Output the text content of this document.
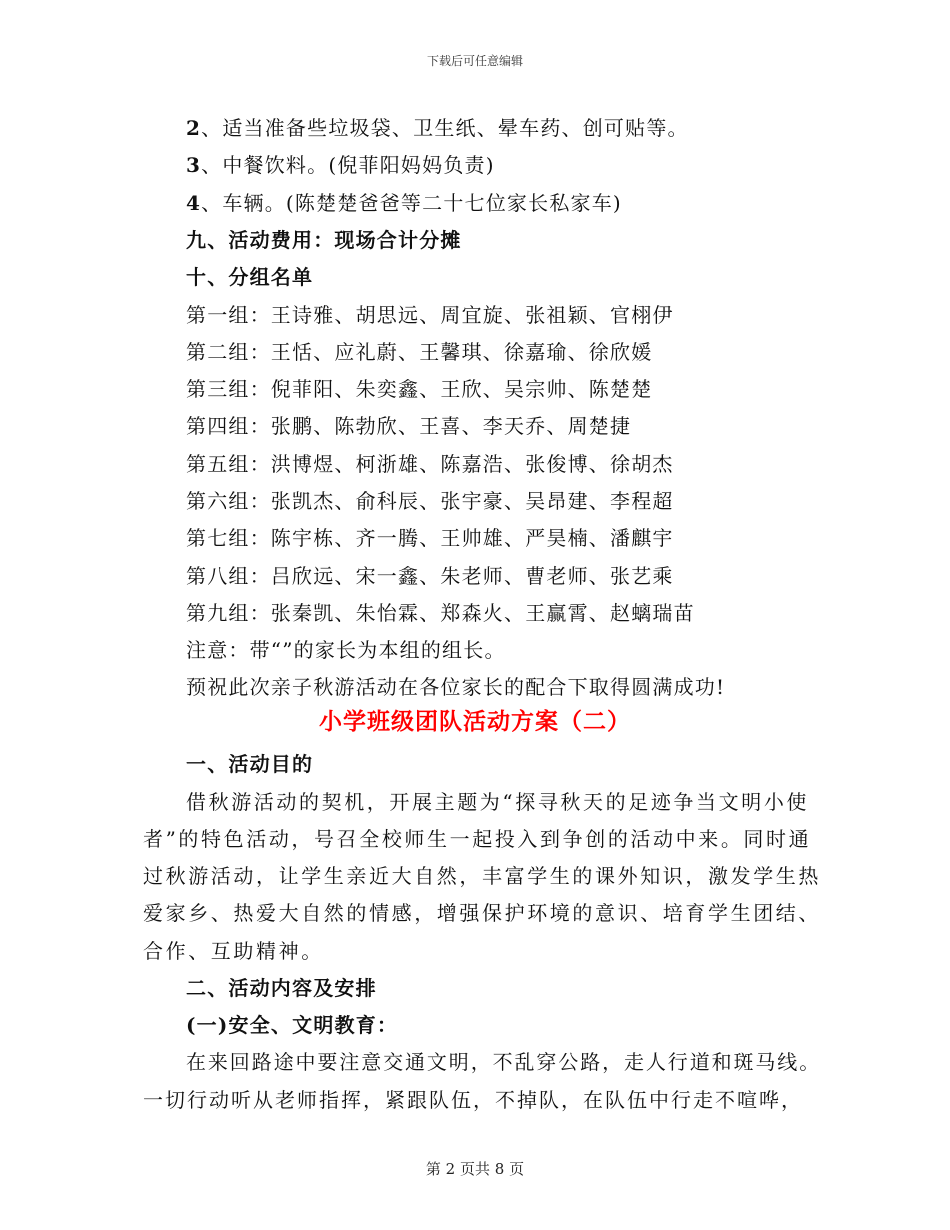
下载后可任意编辑
2、适当准备些垃圾袋、卫生纸、晕车药、创可贴等。
3、中餐饮料。(倪菲阳妈妈负责)
4、车辆。(陈楚楚爸爸等二十七位家长私家车)
九、活动费用：现场合计分摊
十、分组名单
第一组：王诗雅、胡思远、周宜旋、张祖颖、官栩伊
第二组：王恬、应礼蔚、王馨琪、徐嘉瑜、徐欣媛
第三组：倪菲阳、朱奕鑫、王欣、吴宗帅、陈楚楚
第四组：张鹏、陈勃欣、王喜、李天乔、周楚捷
第五组：洪博煜、柯浙雄、陈嘉浩、张俊博、徐胡杰
第六组：张凯杰、俞科辰、张宇豪、吴昂建、李程超
第七组：陈宇栋、齐一腾、王帅雄、严昊楠、潘麒宇
第八组：吕欣远、宋一鑫、朱老师、曹老师、张艺乘
第九组：张秦凯、朱怡霖、郑森火、王赢霄、赵螭瑞苗
注意：带“”的家长为本组的组长。
预祝此次亲子秋游活动在各位家长的配合下取得圆满成功!
小学班级团队活动方案（二）
一、活动目的
借秋游活动的契机，开展主题为“探寻秋天的足迹争当文明小使
者”的特色活动，号召全校师生一起投入到争创的活动中来。同时通
过秋游活动，让学生亲近大自然，丰富学生的课外知识，激发学生热
爱家乡、热爱大自然的情感，增强保护环境的意识、培育学生团结、
合作、互助精神。
二、活动内容及安排
(一)安全、文明教育：
在来回路途中要注意交通文明，不乱穿公路，走人行道和斑马线。
一切行动听从老师指挥，紧跟队伍，不掉队，在队伍中行走不喧哗，
第 2 页共 8 页
